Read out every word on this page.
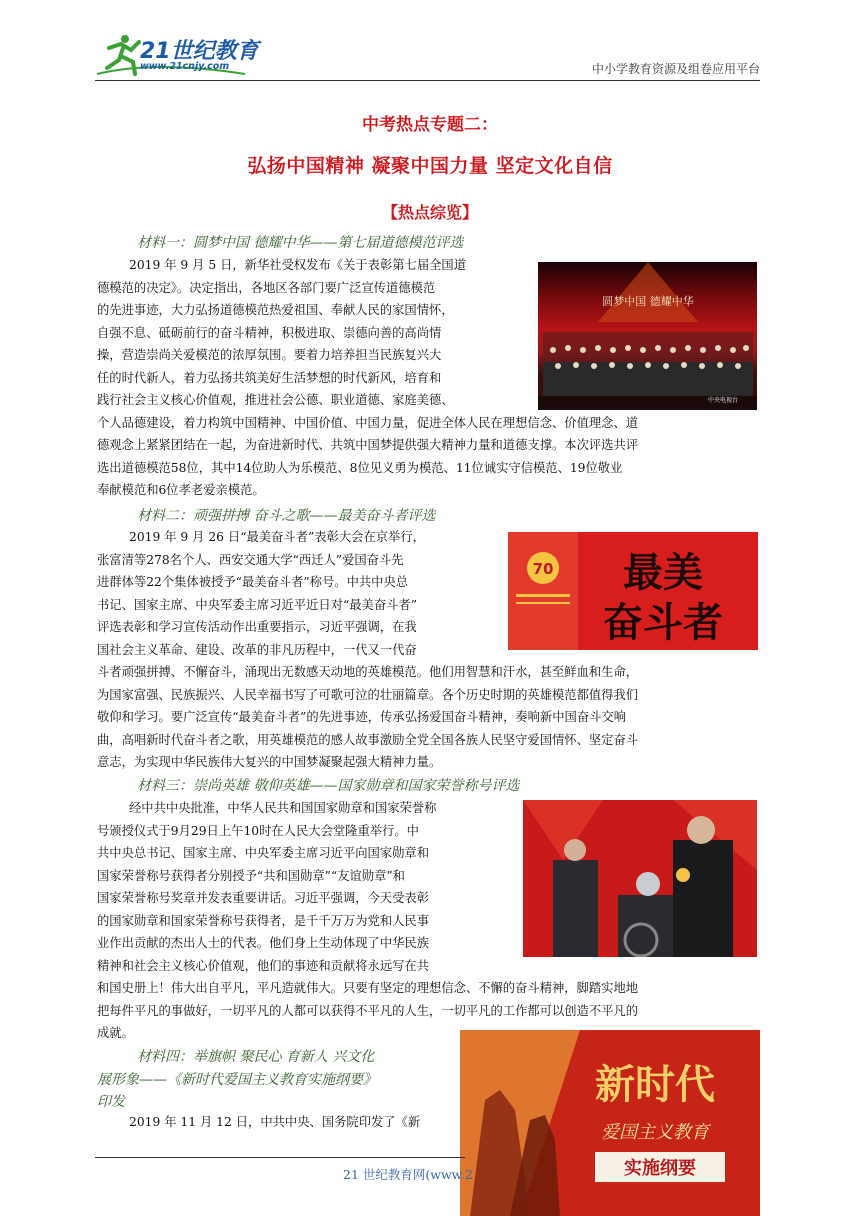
21世纪教育
www.21cnjy.com	中小学教育资源及组卷应用平台
中考热点专题二：
弘扬中国精神 凝聚中国力量 坚定文化自信
【热点综览】
材料一：圆梦中国 德耀中华——第七届道德模范评选
2019 年 9 月 5 日，新华社受权发布《关于表彰第七届全国道
德模范的决定》。决定指出，各地区各部门要广泛宣传道德模范
的先进事迹，大力弘扬道德模范热爱祖国、奉献人民的家国情怀，
自强不息、砥砺前行的奋斗精神，积极进取、崇德向善的高尚情
操，营造崇尚关爱模范的浓厚氛围。要着力培养担当民族复兴大
任的时代新人，着力弘扬共筑美好生活梦想的时代新风，培育和
践行社会主义核心价值观，推进社会公德、职业道德、家庭美德、
个人品德建设，着力构筑中国精神、中国价值、中国力量，促进全体人民在理想信念、价值理念、道
德观念上紧紧团结在一起，为奋进新时代、共筑中国梦提供强大精神力量和道德支撑。本次评选共评
选出道德模范58位，其中14位助人为乐模范、8位见义勇为模范、11位诚实守信模范、19位敬业
奉献模范和6位孝老爱亲模范。
圆梦中国 德耀中华
中央电视台
材料二：顽强拼搏 奋斗之歌——最美奋斗者评选
2019 年 9 月 26 日“最美奋斗者”表彰大会在京举行，
张富清等278名个人、西安交通大学“西迁人”爱国奋斗先
进群体等22个集体被授予“最美奋斗者”称号。中共中央总
书记、国家主席、中央军委主席习近平近日对“最美奋斗者”
评选表彰和学习宣传活动作出重要指示，习近平强调，在我
国社会主义革命、建设、改革的非凡历程中，一代又一代奋
斗者顽强拼搏、不懈奋斗，涌现出无数感天动地的英雄模范。他们用智慧和汗水，甚至鲜血和生命，
为国家富强、民族振兴、人民幸福书写了可歌可泣的壮丽篇章。各个历史时期的英雄模范都值得我们
敬仰和学习。要广泛宣传“最美奋斗者”的先进事迹，传承弘扬爱国奋斗精神，奏响新中国奋斗交响
曲，高唱新时代奋斗者之歌，用英雄模范的感人故事激励全党全国各族人民坚守爱国情怀、坚定奋斗
意志，为实现中华民族伟大复兴的中国梦凝聚起强大精神力量。
70 最美
奋斗者
材料三：崇尚英雄 敬仰英雄——国家勋章和国家荣誉称号评选
经中共中央批准，中华人民共和国国家勋章和国家荣誉称
号颁授仪式于9月29日上午10时在人民大会堂隆重举行。中
共中央总书记、国家主席、中央军委主席习近平向国家勋章和
国家荣誉称号获得者分别授予“共和国勋章”“友谊勋章”和
国家荣誉称号奖章并发表重要讲话。习近平强调，今天受表彰
的国家勋章和国家荣誉称号获得者，是千千万万为党和人民事
业作出贡献的杰出人士的代表。他们身上生动体现了中华民族
精神和社会主义核心价值观，他们的事迹和贡献将永远写在共
和国史册上！伟大出自平凡，平凡造就伟大。只要有坚定的理想信念、不懈的奋斗精神，脚踏实地地
把每件平凡的事做好，一切平凡的人都可以获得不平凡的人生，一切平凡的工作都可以创造不平凡的
成就。
材料四：举旗帜 聚民心 育新人 兴文化
展形象——《新时代爱国主义教育实施纲要》
印发
2019 年 11 月 12 日，中共中央、国务院印发了《新
新时代
爱国主义教育
实施纲要
21 世纪教育网(www.2
